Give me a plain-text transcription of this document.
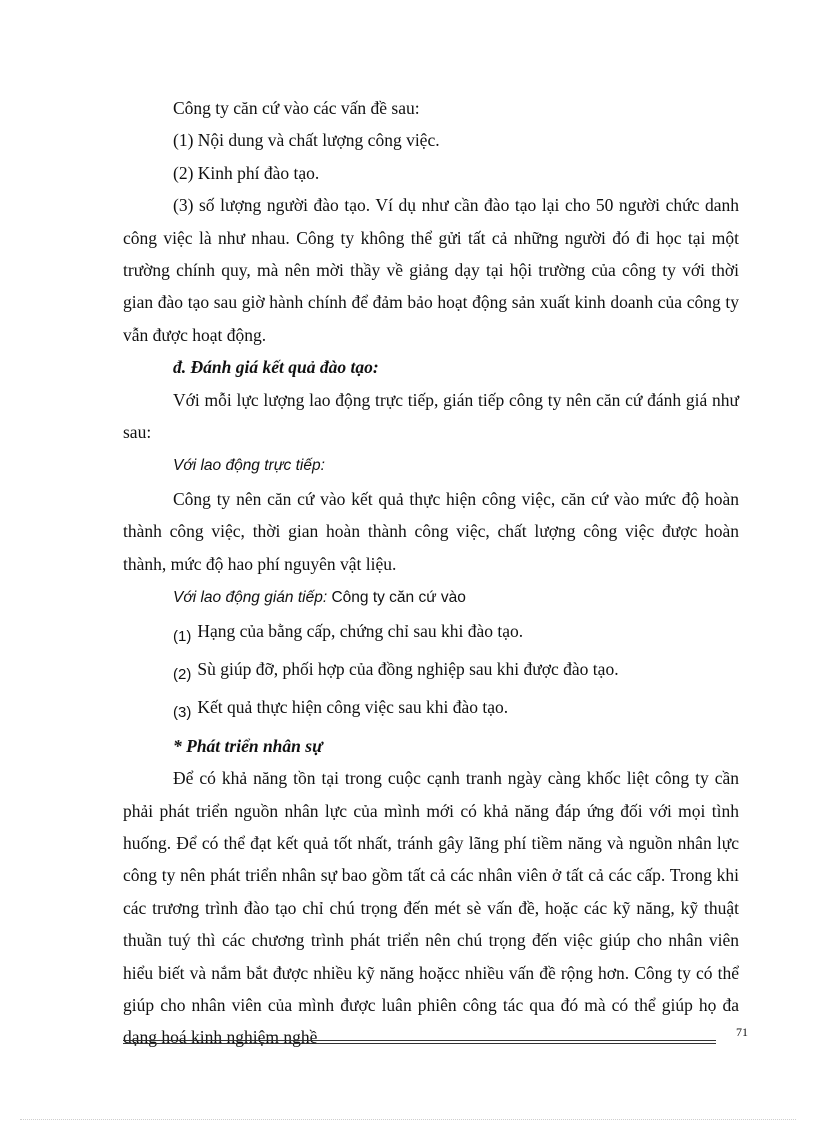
Công ty căn cứ vào các vấn đề sau:

(1) Nội dung và chất lượng công việc.

(2) Kinh phí đào tạo.

(3) số lượng người đào tạo. Ví dụ như cần đào tạo lại cho 50 người chức danh công việc là như nhau. Công ty không thể gửi tất cả những người đó đi học tại một trường chính quy, mà nên mời thầy về giảng dạy tại hội trường của công ty với thời gian đào tạo sau giờ hành chính để đảm bảo hoạt động sản xuất kinh doanh của công ty vẫn được hoạt động.

đ. Đánh giá kết quả đào tạo:

Với mỗi lực lượng lao động trực tiếp, gián tiếp công ty nên căn cứ đánh giá như sau:

Với lao động trực tiếp:

Công ty nên căn cứ vào kết quả thực hiện công việc, căn cứ vào mức độ hoàn thành công việc, thời gian hoàn thành công việc, chất lượng công việc được hoàn thành, mức độ hao phí nguyên vật liệu.

Với lao động gián tiếp: Công ty căn cứ vào

(1) Hạng của bằng cấp, chứng chỉ sau khi đào tạo.

(2) Sù giúp đỡ, phối hợp của đồng nghiệp sau khi được đào tạo.

(3) Kết quả thực hiện công việc sau khi đào tạo.

* Phát triển nhân sự

Để có khả năng tồn tại trong cuộc cạnh tranh ngày càng khốc liệt công ty cần phải phát triển nguồn nhân lực của mình mới có khả năng đáp ứng đối với mọi tình huống. Để có thể đạt kết quả tốt nhất, tránh gây lãng phí tiềm năng và nguồn nhân lực công ty nên phát triển nhân sự bao gồm tất cả các nhân viên ở tất cả các cấp. Trong khi các trương trình đào tạo chỉ chú trọng đến mét sè vấn đề, hoặc các kỹ năng, kỹ thuật thuần tuý thì các chương trình phát triển nên chú trọng đến việc giúp cho nhân viên hiểu biết và nắm bắt được nhiều kỹ năng hoặcc nhiều vấn đề rộng hơn. Công ty có thể giúp cho nhân viên của mình được luân phiên công tác qua đó mà có thể giúp họ đa dạng hoá kinh nghiệm nghề	71
